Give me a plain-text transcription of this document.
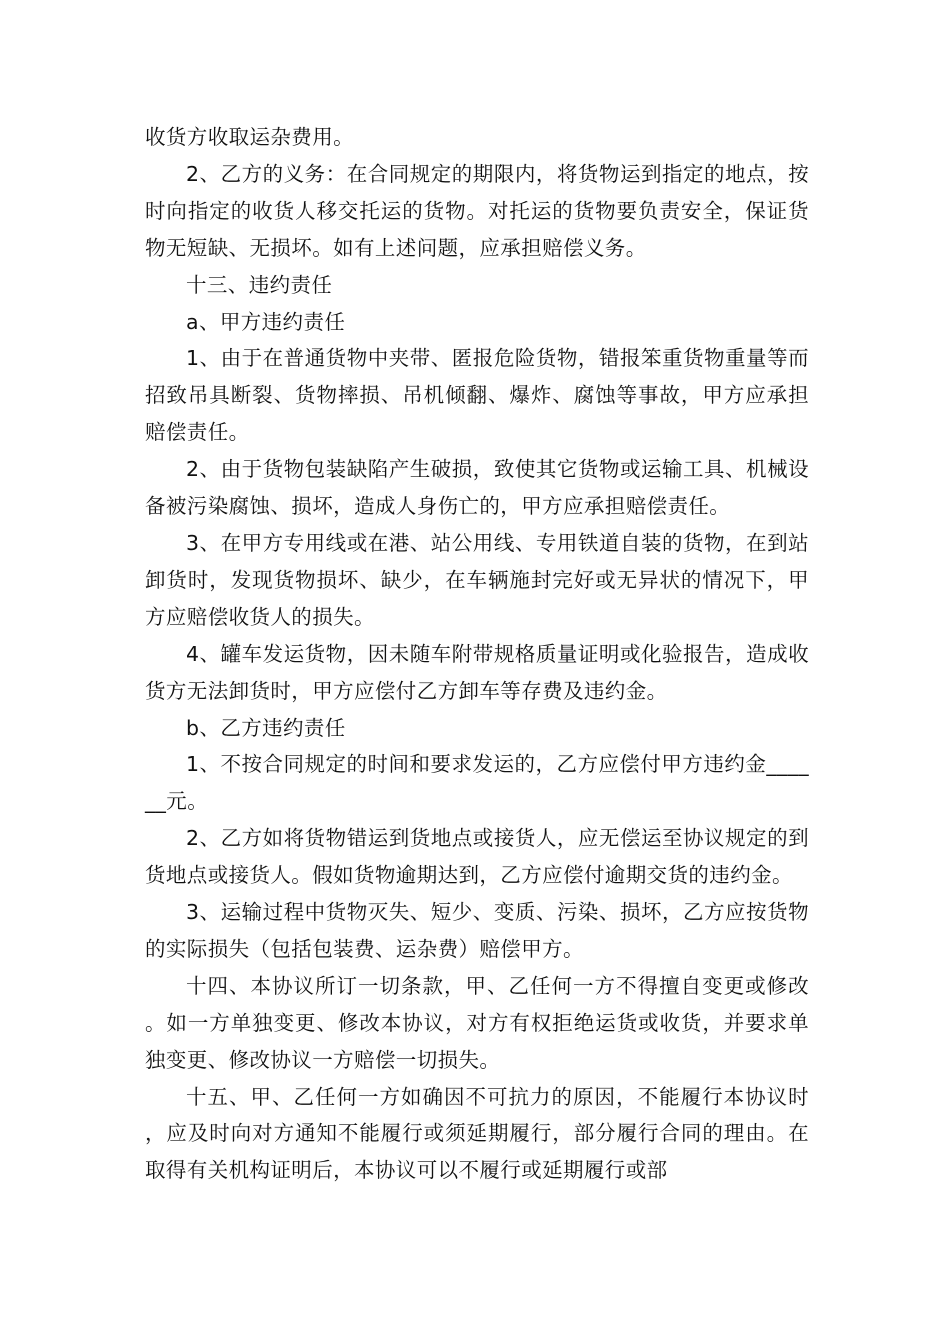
收货方收取运杂费用。

2、乙方的义务：在合同规定的期限内，将货物运到指定的地点，按时向指定的收货人移交托运的货物。对托运的货物要负责安全，保证货物无短缺、无损坏。如有上述问题，应承担赔偿义务。

十三、违约责任

a、甲方违约责任

1、由于在普通货物中夹带、匿报危险货物，错报笨重货物重量等而招致吊具断裂、货物摔损、吊机倾翻、爆炸、腐蚀等事故，甲方应承担赔偿责任。

2、由于货物包装缺陷产生破损，致使其它货物或运输工具、机械设备被污染腐蚀、损坏，造成人身伤亡的，甲方应承担赔偿责任。

3、在甲方专用线或在港、站公用线、专用铁道自装的货物，在到站卸货时，发现货物损坏、缺少，在车辆施封完好或无异状的情况下，甲方应赔偿收货人的损失。

4、罐车发运货物，因未随车附带规格质量证明或化验报告，造成收货方无法卸货时，甲方应偿付乙方卸车等存费及违约金。

b、乙方违约责任

1、不按合同规定的时间和要求发运的，乙方应偿付甲方违约金______元。

2、乙方如将货物错运到货地点或接货人，应无偿运至协议规定的到货地点或接货人。假如货物逾期达到，乙方应偿付逾期交货的违约金。

3、运输过程中货物灭失、短少、变质、污染、损坏，乙方应按货物的实际损失（包括包装费、运杂费）赔偿甲方。

十四、本协议所订一切条款，甲、乙任何一方不得擅自变更或修改。如一方单独变更、修改本协议，对方有权拒绝运货或收货，并要求单独变更、修改协议一方赔偿一切损失。

十五、甲、乙任何一方如确因不可抗力的原因，不能履行本协议时，应及时向对方通知不能履行或须延期履行，部分履行合同的理由。在取得有关机构证明后，本协议可以不履行或延期履行或部
